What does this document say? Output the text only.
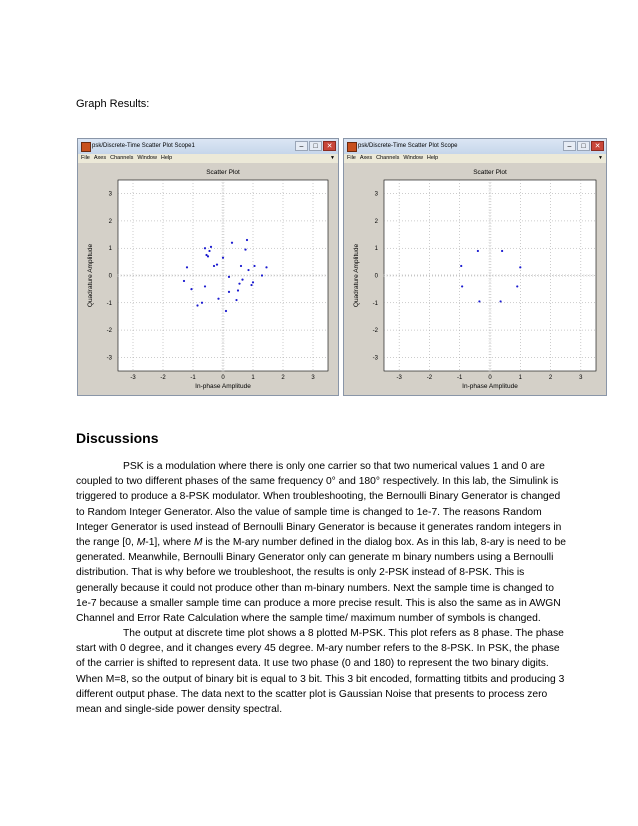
Graph Results:
psk/Discrete-Time Scatter Plot Scope1	‒	□	✕
File Axes Channels Window Help	▼
Scatter Plot
-3	-2	-1	0	1	2	3
3
2
1
0
-1
-2
-3
In-phase Amplitude
Quadrature Amplitude
psk/Discrete-Time Scatter Plot Scope	‒	□	✕
File Axes Channels Window Help	▼
Scatter Plot
-3	-2	-1	0	1	2	3
3
2
1
0
-1
-2
-3
In-phase Amplitude
Quadrature Amplitude
Discussions

PSK is a modulation where there is only one carrier so that two numerical values 1 and 0 are coupled to two different phases of the same frequency 0° and 180° respectively. In this lab, the Simulink is triggered to produce a 8-PSK modulator. When troubleshooting, the Bernoulli Binary Generator is changed to Random Integer Generator. Also the value of sample time is changed to 1e-7. The reasons Random Integer Generator is used instead of Bernoulli Binary Generator is because it generates random integers in the range [0, M-1], where M is the M-ary number defined in the dialog box. As in this lab, 8-ary is need to be generated. Meanwhile, Bernoulli Binary Generator only can generate m binary numbers using a Bernoulli distribution. That is why before we troubleshoot, the results is only 2-PSK instead of 8-PSK. This is generally because it could not produce other than m-binary numbers. Next the sample time is changed to 1e-7 because a smaller sample time can produce a more precise result. This is also the same as in AWGN Channel and Error Rate Calculation where the sample time/ maximum number of symbols is changed.

The output at discrete time plot shows a 8 plotted M-PSK. This plot refers as 8 phase. The phase start with 0 degree, and it changes every 45 degree. M-ary number refers to the 8-PSK. In PSK, the phase of the carrier is shifted to represent data. It use two phase (0 and 180) to represent the two binary digits. When M=8, so the output of binary bit is equal to 3 bit. This 3 bit encoded, formatting titbits and producing 3 different output phase. The data next to the scatter plot is Gaussian Noise that presents to process zero mean and single-side power density spectral.
